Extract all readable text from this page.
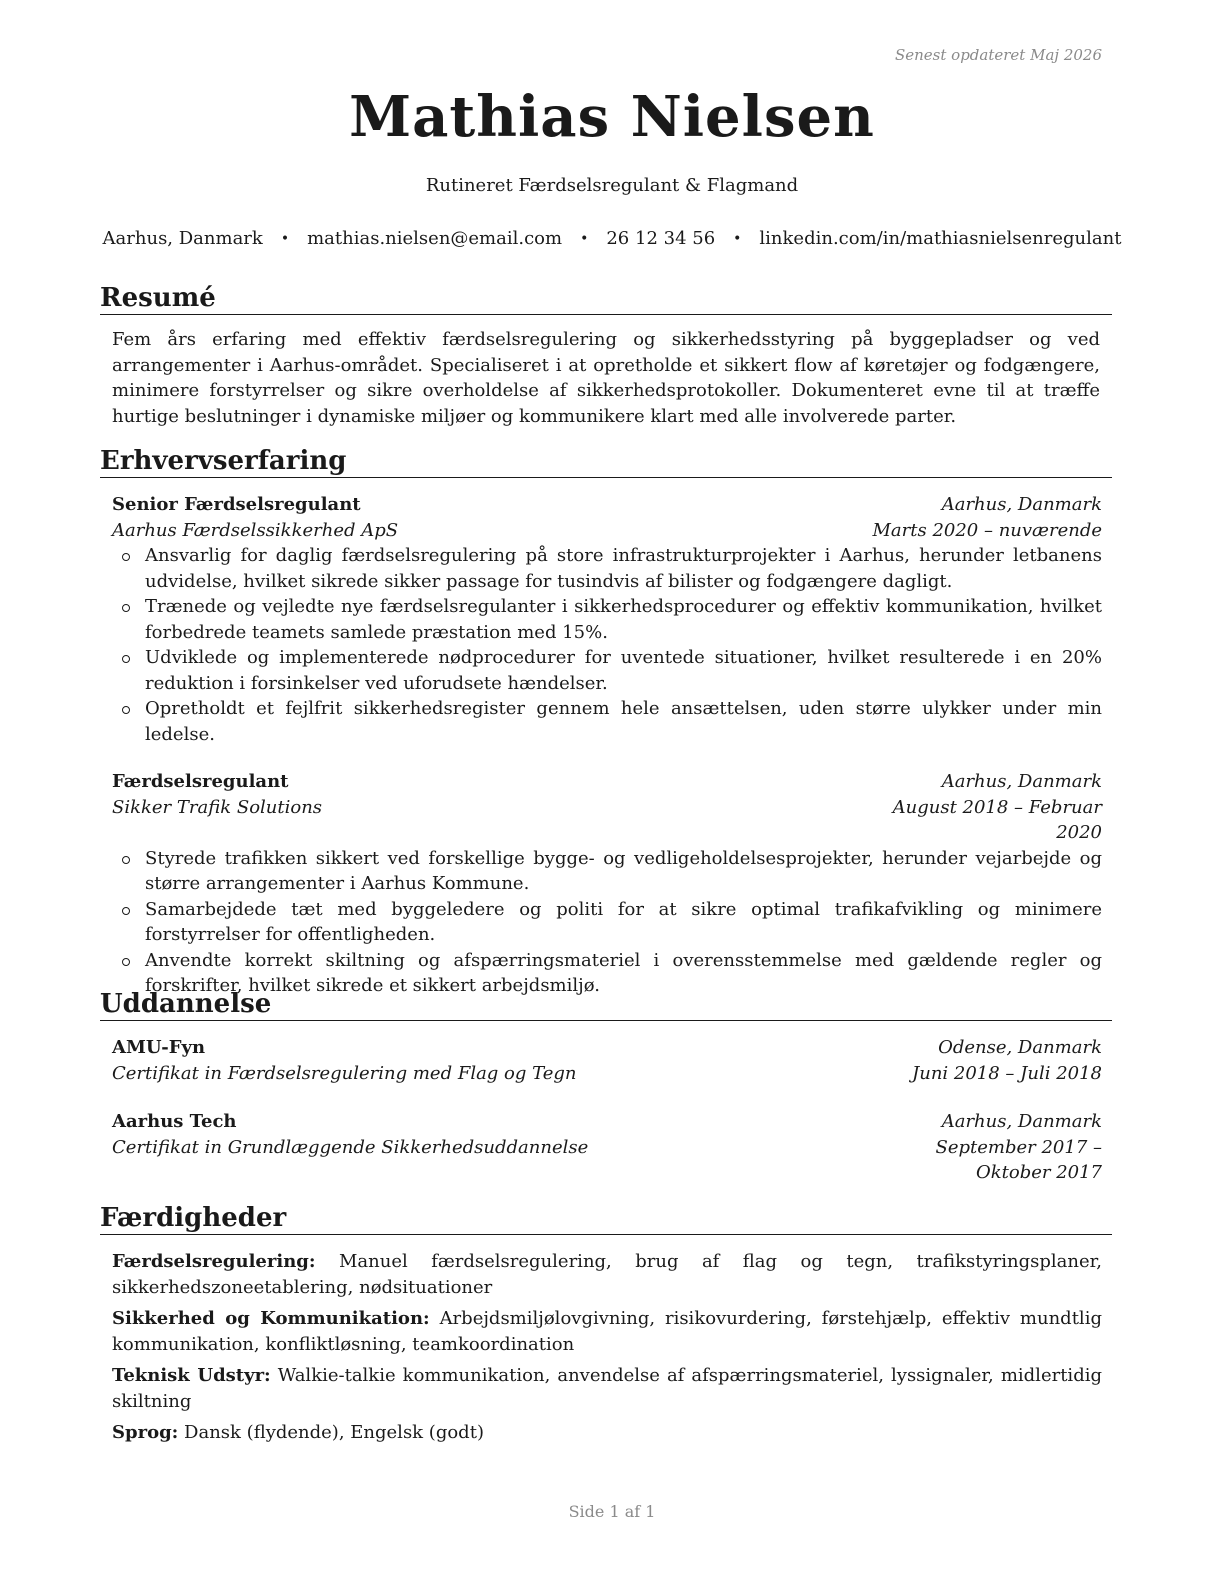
Senest opdateret Maj 2026
Mathias Nielsen
Rutineret Færdselsregulant & Flagmand
Aarhus, Danmark • mathias.nielsen@email.com • 26 12 34 56 • linkedin.com/in/mathiasnielsenregulant
Resumé

Fem års erfaring med effektiv færdselsregulering og sikkerhedsstyring på byggepladser og ved arrangementer i Aarhus-området. Specialiseret i at opretholde et sikkert flow af køretøjer og fodgængere, minimere forstyrrelser og sikre overholdelse af sikkerhedsprotokoller. Dokumenteret evne til at træffe hurtige beslutninger i dynamiske miljøer og kommunikere klart med alle involverede parter.

Erhvervserfaring
Senior Færdselsregulant	Aarhus, Danmark
Aarhus Færdselssikkerhed ApS	Marts 2020 – nuværende
Ansvarlig for daglig færdselsregulering på store infrastrukturprojekter i Aarhus, herunder letbanens udvidelse, hvilket sikrede sikker passage for tusindvis af bilister og fodgængere dagligt.
Trænede og vejledte nye færdselsregulanter i sikkerhedsprocedurer og effektiv kommunikation, hvilket forbedrede teamets samlede præstation med 15%.
Udviklede og implementerede nødprocedurer for uventede situationer, hvilket resulterede i en 20% reduktion i forsinkelser ved uforudsete hændelser.
Opretholdt et fejlfrit sikkerhedsregister gennem hele ansættelsen, uden større ulykker under min ledelse.
Færdselsregulant	Aarhus, Danmark
Sikker Trafik Solutions	August 2018 – Februar 2020
Styrede trafikken sikkert ved forskellige bygge- og vedligeholdelsesprojekter, herunder vejarbejde og større arrangementer i Aarhus Kommune.
Samarbejdede tæt med byggeledere og politi for at sikre optimal trafikafvikling og minimere forstyrrelser for offentligheden.
Anvendte korrekt skiltning og afspærringsmateriel i overensstemmelse med gældende regler og forskrifter, hvilket sikrede et sikkert arbejdsmiljø.
Uddannelse
AMU-Fyn	Odense, Danmark
Certifikat in Færdselsregulering med Flag og Tegn	Juni 2018 – Juli 2018
Aarhus Tech	Aarhus, Danmark
Certifikat in Grundlæggende Sikkerhedsuddannelse	September 2017 – Oktober 2017
Færdigheder

Færdselsregulering: Manuel færdselsregulering, brug af flag og tegn, trafikstyringsplaner, sikkerhedszoneetablering, nødsituationer

Sikkerhed og Kommunikation: Arbejdsmiljølovgivning, risikovurdering, førstehjælp, effektiv mundtlig kommunikation, konfliktløsning, teamkoordination

Teknisk Udstyr: Walkie-talkie kommunikation, anvendelse af afspærringsmateriel, lyssignaler, midlertidig skiltning

Sprog: Dansk (flydende), Engelsk (godt)

Side 1 af 1
